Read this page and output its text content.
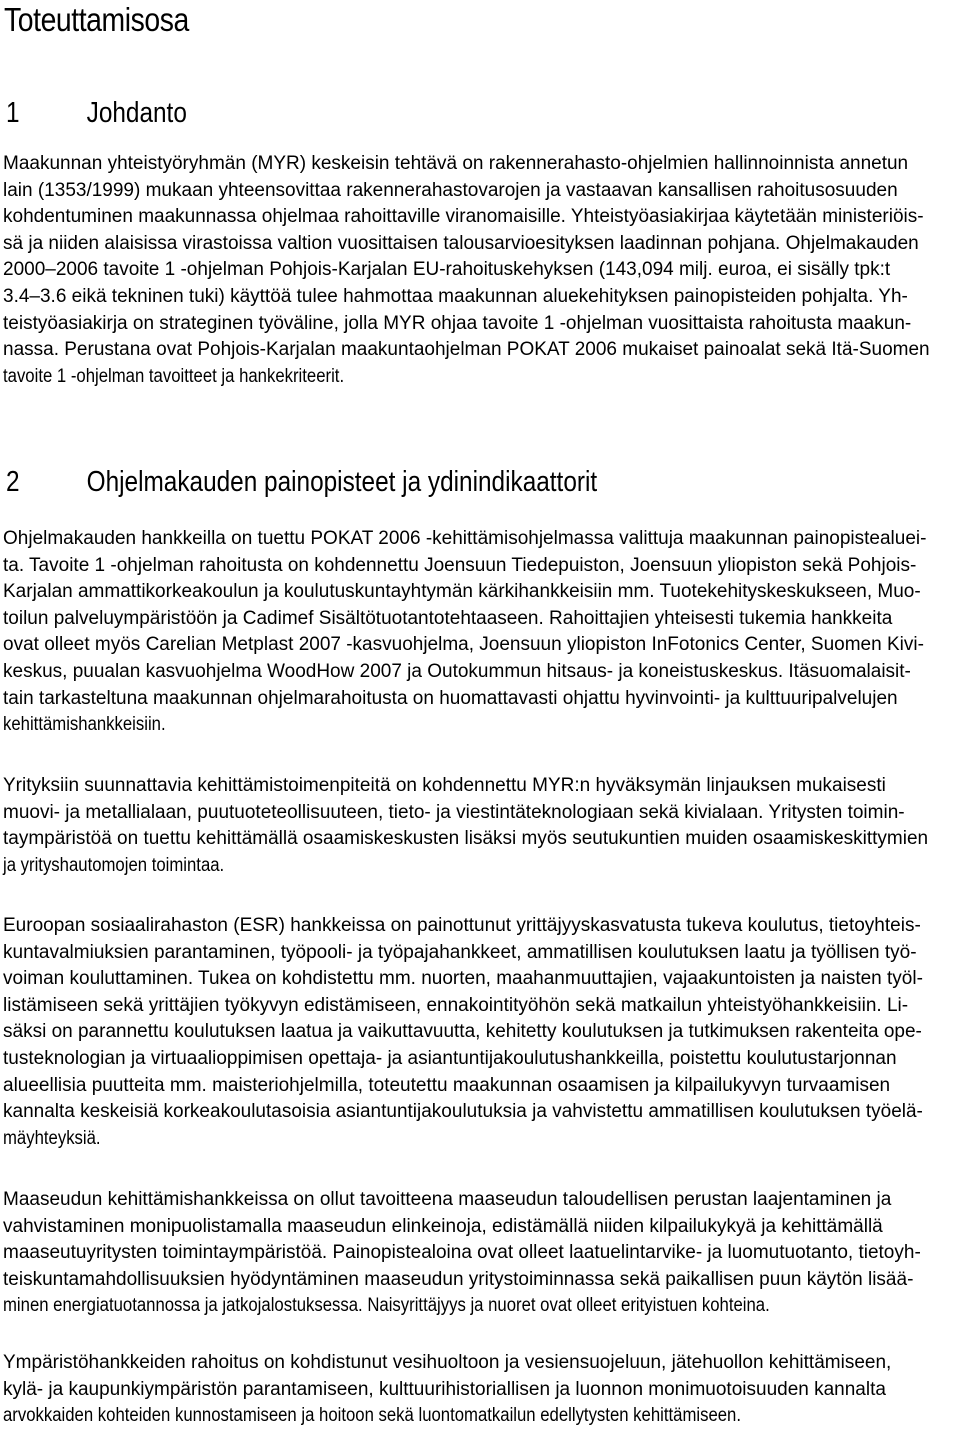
Toteuttamisosa
1 Johdanto
Maakunnan yhteistyöryhmän (MYR) keskeisin tehtävä on rakennerahasto-ohjelmien hallinnoinnista annetun
lain (1353/1999) mukaan yhteensovittaa rakennerahastovarojen ja vastaavan kansallisen rahoitusosuuden
kohdentuminen maakunnassa ohjelmaa rahoittaville viranomaisille. Yhteistyöasiakirjaa käytetään ministeriöis-
sä ja niiden alaisissa virastoissa valtion vuosittaisen talousarvioesityksen laadinnan pohjana. Ohjelmakauden
2000–2006 tavoite 1 -ohjelman Pohjois-Karjalan EU-rahoituskehyksen (143,094 milj. euroa, ei sisälly tpk:t
3.4–3.6 eikä tekninen tuki) käyttöä tulee hahmottaa maakunnan aluekehityksen painopisteiden pohjalta. Yh-
teistyöasiakirja on strateginen työväline, jolla MYR ohjaa tavoite 1 -ohjelman vuosittaista rahoitusta maakun-
nassa. Perustana ovat Pohjois-Karjalan maakuntaohjelman POKAT 2006 mukaiset painoalat sekä Itä-Suomen
tavoite 1 -ohjelman tavoitteet ja hankekriteerit.
2 Ohjelmakauden painopisteet ja ydinindikaattorit
Ohjelmakauden hankkeilla on tuettu POKAT 2006 -kehittämisohjelmassa valittuja maakunnan painopistealuei-
ta. Tavoite 1 -ohjelman rahoitusta on kohdennettu Joensuun Tiedepuiston, Joensuun yliopiston sekä Pohjois-
Karjalan ammattikorkeakoulun ja koulutuskuntayhtymän kärkihankkeisiin mm. Tuotekehityskeskukseen, Muo-
toilun palveluympäristöön ja Cadimef Sisältötuotantotehtaaseen. Rahoittajien yhteisesti tukemia hankkeita
ovat olleet myös Carelian Metplast 2007 -kasvuohjelma, Joensuun yliopiston InFotonics Center, Suomen Kivi-
keskus, puualan kasvuohjelma WoodHow 2007 ja Outokummun hitsaus- ja koneistuskeskus. Itäsuomalaisit-
tain tarkasteltuna maakunnan ohjelmarahoitusta on huomattavasti ohjattu hyvinvointi- ja kulttuuripalvelujen
kehittämishankkeisiin.
Yrityksiin suunnattavia kehittämistoimenpiteitä on kohdennettu MYR:n hyväksymän linjauksen mukaisesti
muovi- ja metallialaan, puutuoteteollisuuteen, tieto- ja viestintäteknologiaan sekä kivialaan. Yritysten toimin-
taympäristöä on tuettu kehittämällä osaamiskeskusten lisäksi myös seutukuntien muiden osaamiskeskittymien
ja yrityshautomojen toimintaa.
Euroopan sosiaalirahaston (ESR) hankkeissa on painottunut yrittäjyyskasvatusta tukeva koulutus, tietoyhteis-
kuntavalmiuksien parantaminen, työpooli- ja työpajahankkeet, ammatillisen koulutuksen laatu ja työllisen työ-
voiman kouluttaminen. Tukea on kohdistettu mm. nuorten, maahanmuuttajien, vajaakuntoisten ja naisten työl-
listämiseen sekä yrittäjien työkyvyn edistämiseen, ennakointityöhön sekä matkailun yhteistyöhankkeisiin. Li-
säksi on parannettu koulutuksen laatua ja vaikuttavuutta, kehitetty koulutuksen ja tutkimuksen rakenteita ope-
tusteknologian ja virtuaalioppimisen opettaja- ja asiantuntijakoulutushankkeilla, poistettu koulutustarjonnan
alueellisia puutteita mm. maisteriohjelmilla, toteutettu maakunnan osaamisen ja kilpailukyvyn turvaamisen
kannalta keskeisiä korkeakoulutasoisia asiantuntijakoulutuksia ja vahvistettu ammatillisen koulutuksen työelä-
mäyhteyksiä.
Maaseudun kehittämishankkeissa on ollut tavoitteena maaseudun taloudellisen perustan laajentaminen ja
vahvistaminen monipuolistamalla maaseudun elinkeinoja, edistämällä niiden kilpailukykyä ja kehittämällä
maaseutuyritysten toimintaympäristöä. Painopistealoina ovat olleet laatuelintarvike- ja luomutuotanto, tietoyh-
teiskuntamahdollisuuksien hyödyntäminen maaseudun yritystoiminnassa sekä paikallisen puun käytön lisää-
minen energiatuotannossa ja jatkojalostuksessa. Naisyrittäjyys ja nuoret ovat olleet erityistuen kohteina.
Ympäristöhankkeiden rahoitus on kohdistunut vesihuoltoon ja vesiensuojeluun, jätehuollon kehittämiseen,
kylä- ja kaupunkiympäristön parantamiseen, kulttuurihistoriallisen ja luonnon monimuotoisuuden kannalta
arvokkaiden kohteiden kunnostamiseen ja hoitoon sekä luontomatkailun edellytysten kehittämiseen.
